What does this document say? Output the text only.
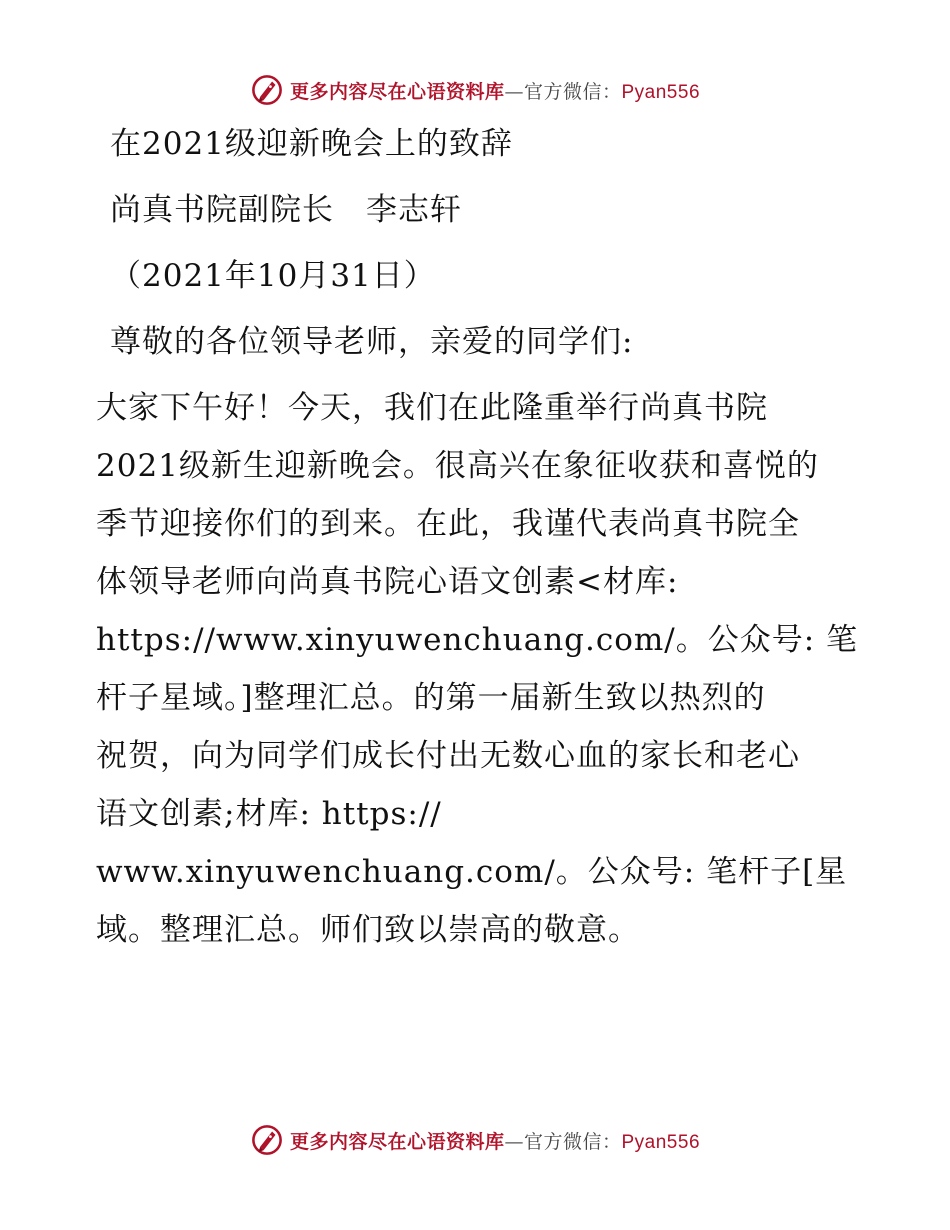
更多内容尽在心语资料库—官方微信：Pyan556
在2021级迎新晚会上的致辞
尚真书院副院长　李志轩
（2021年10月31日）
尊敬的各位领导老师，亲爱的同学们:
大家下午好！今天，我们在此隆重举行尚真书院
2021级新生迎新晚会。很高兴在象征收获和喜悦的
季节迎接你们的到来。在此，我谨代表尚真书院全
体领导老师向尚真书院心语文创素<材库:
https://www.xinyuwenchuang.com/。公众号: 笔
杆子星域。]整理汇总。的第一届新生致以热烈的
祝贺，向为同学们成长付出无数心血的家长和老心
语文创素;材库: https://
www.xinyuwenchuang.com/。公众号: 笔杆子[星
域。整理汇总。师们致以崇高的敬意。
更多内容尽在心语资料库—官方微信：Pyan556
